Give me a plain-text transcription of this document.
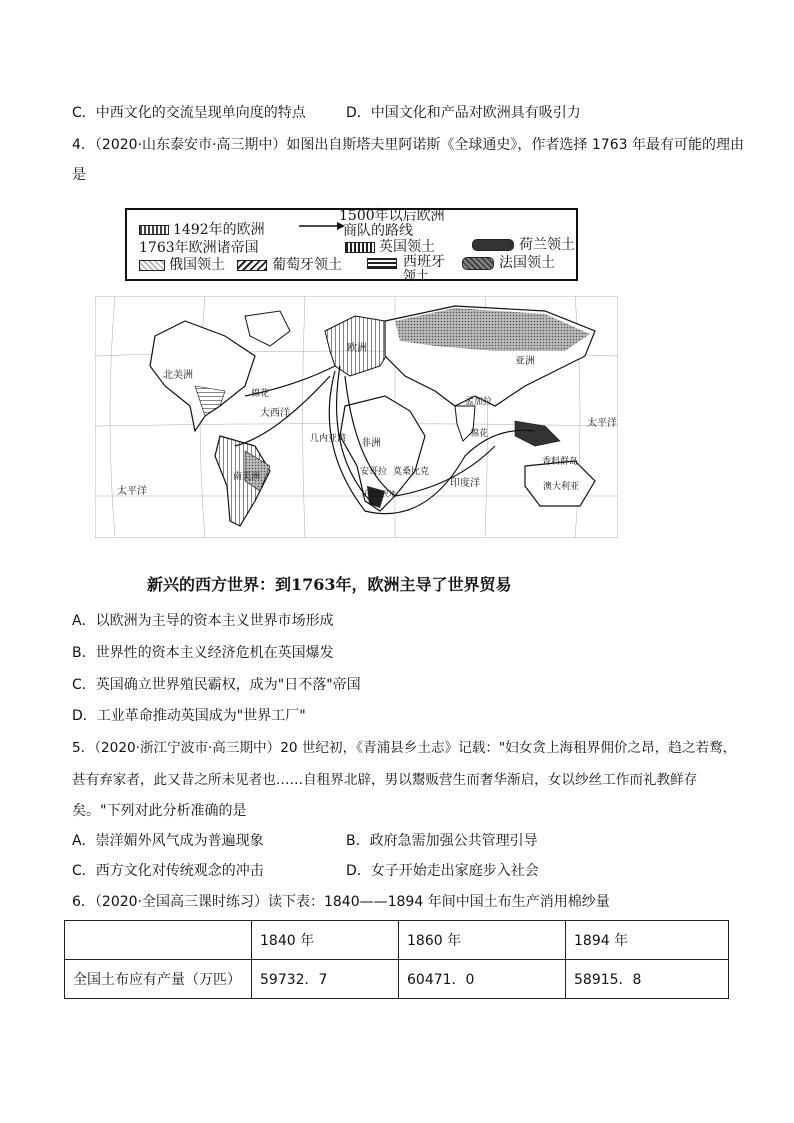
C．中西文化的交流呈现单向度的特点	D．中国文化和产品对欧洲具有吸引力
4．（2020·山东泰安市·高三期中）如图出自斯塔夫里阿诺斯《全球通史》，作者选择 1763 年最有可能的理由
是
1492年的欧洲
1763年欧洲诸帝国
1500年以后欧洲
商队的路线
英国领土	荷兰领土
俄国领土	葡萄牙领土	西班牙
领土
法国领土
北美洲
欧洲
亚洲
大西洋
太平洋
太平洋
几内亚湾 非洲
南美洲
印度洋	澳大利亚
孟加拉
香料群岛
棉花
棉花
安哥拉 莫桑比克
开普殖民地
新兴的西方世界：到1763年，欧洲主导了世界贸易
A．以欧洲为主导的资本主义世界市场形成
B．世界性的资本主义经济危机在英国爆发
C．英国确立世界殖民霸权，成为"日不落"帝国
D．工业革命推动英国成为"世界工厂"
5．（2020·浙江宁波市·高三期中）20 世纪初，《青浦县乡土志》记载："妇女贪上海租界佣价之昂，趋之若鹜，
甚有弃家者，此又昔之所未见者也……自租界北辟，男以鬻贩营生而奢华渐启，女以纱丝工作而礼教鲜存
矣。"下列对此分析准确的是
A．崇洋媚外风气成为普遍现象	B．政府急需加强公共管理引导
C．西方文化对传统观念的冲击	D．女子开始走出家庭步入社会
6．（2020·全国高三课时练习）读下表：1840——1894 年间中国土布生产消用棉纱量
	1840 年	1860 年	1894 年
全国土布应有产量（万匹）	59732．7	60471．0	58915．8
